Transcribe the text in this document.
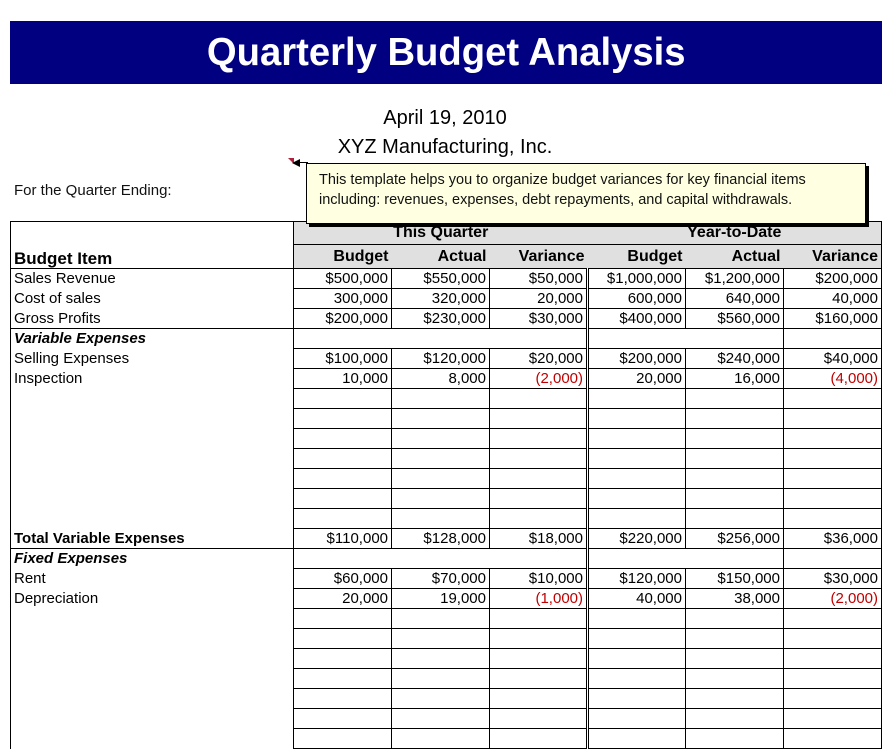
Quarterly Budget Analysis
April 19, 2010
XYZ Manufacturing, Inc.
For the Quarter Ending:
This template helps you to organize budget variances for key financial items
including: revenues, expenses, debt repayments, and capital withdrawals.
Budget Item	This Quarter			Year-to-Date		
	Budget	Actual	Variance	Budget	Actual	Variance
Sales Revenue	$500,000	$550,000	$50,000	$1,000,000	$1,200,000	$200,000
Cost of sales	300,000	320,000	20,000	600,000	640,000	40,000
Gross Profits	$200,000	$230,000	$30,000	$400,000	$560,000	$160,000
Variable Expenses						
Selling Expenses	$100,000	$120,000	$20,000	$200,000	$240,000	$40,000
Inspection	10,000	8,000	(2,000)	20,000	16,000	(4,000)

Total Variable Expenses	$110,000	$128,000	$18,000	$220,000	$256,000	$36,000
Fixed Expenses						
Rent	$60,000	$70,000	$10,000	$120,000	$150,000	$30,000
Depreciation	20,000	19,000	(1,000)	40,000	38,000	(2,000)
